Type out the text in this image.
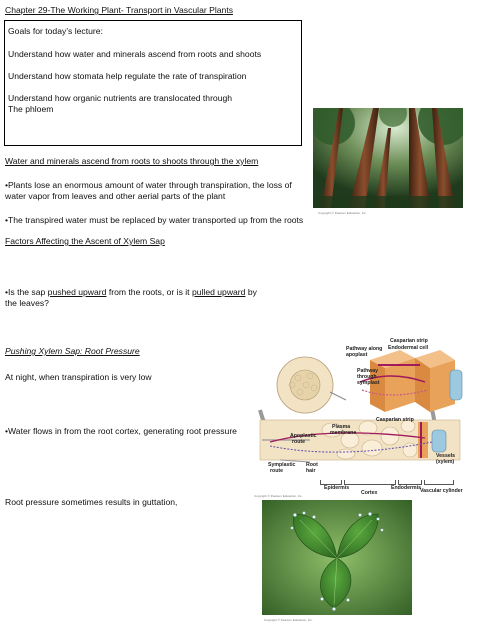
Chapter 29-The Working Plant- Transport in Vascular Plants
Goals for today’s lecture:
Understand how water and minerals ascend from roots and shoots
Understand how stomata help regulate the rate of transpiration
Understand how organic nutrients are translocated through
The phloem
Water and minerals ascend from roots to shoots through the xylem
•Plants lose an enormous amount of water through transpiration, the loss of
water vapor from leaves and other aerial parts of the plant
•The transpired water must be replaced by water transported up from the roots
Copyright © Pearson Education, Inc.
Factors Affecting the Ascent of Xylem Sap
•Is the sap pushed upward from the roots, or is it pulled upward by
the leaves?
Pushing Xylem Sap: Root Pressure
At night, when transpiration is very low
•Water flows in from the root cortex, generating root pressure
Root pressure sometimes results in guttation,
Casparian strip
Endodermal cell
Pathway along
apoplast
Pathway
through
symplast
Casparian strip
Plasma
membrane
Apoplastic
route
Symplastic
route
Root
hair
Vessels
(xylem)
Epidermis
Cortex
Endodermis Vascular cylinder
Copyright © Pearson Education, Inc.
Copyright © Pearson Education, Inc.
